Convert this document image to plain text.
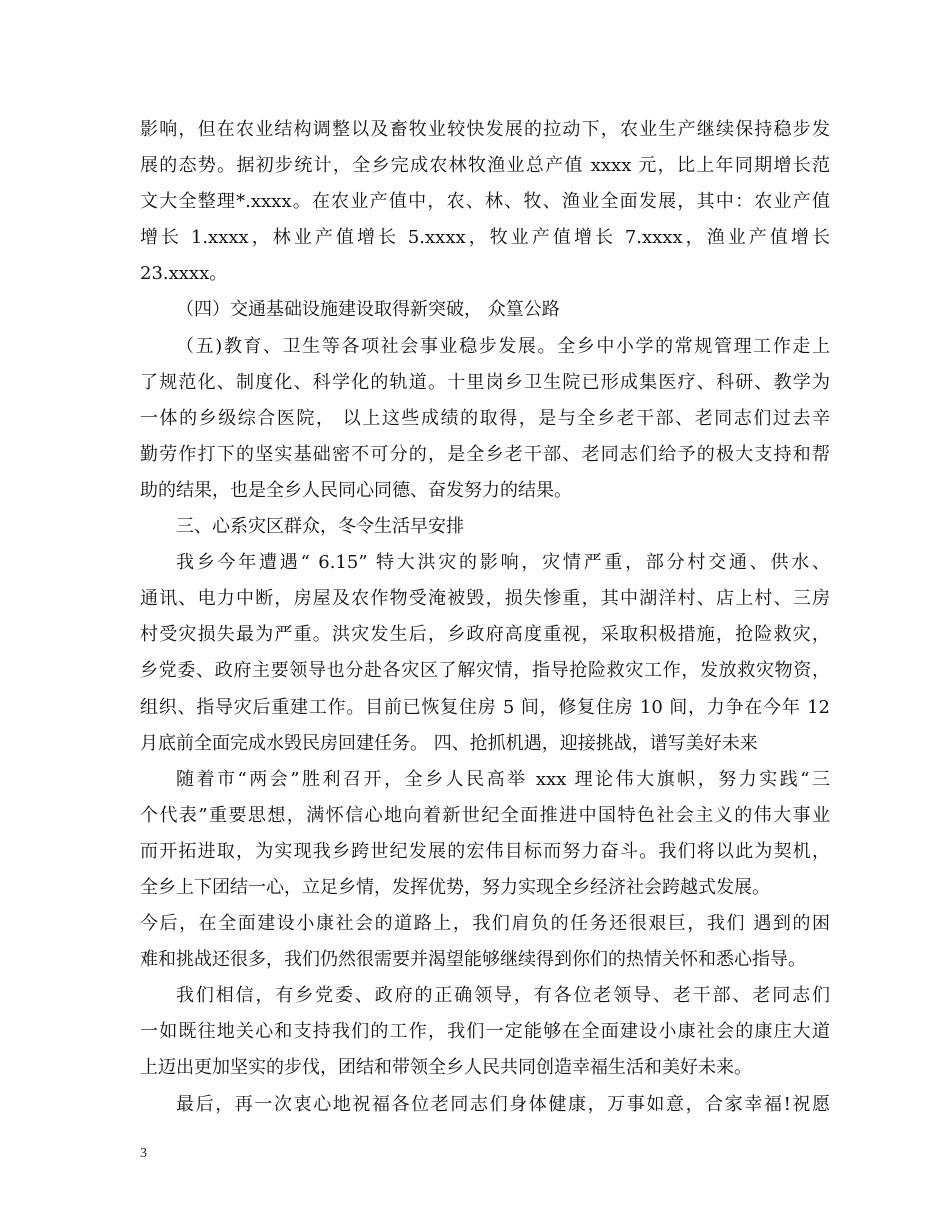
影响，但在农业结构调整以及畜牧业较快发展的拉动下，农业生产继续保持稳步发
展的态势。据初步统计，全乡完成农林牧渔业总产值 xxxx 元，比上年同期增长范
文大全整理*.xxxx。在农业产值中，农、林、牧、渔业全面发展，其中：农业产值
增长 1.xxxx，林业产值增长 5.xxxx，牧业产值增长 7.xxxx，渔业产值增长
23.xxxx。
（四）交通基础设施建设取得新突破， 众篁公路
（五)教育、卫生等各项社会事业稳步发展。全乡中小学的常规管理工作走上
了规范化、制度化、科学化的轨道。十里岗乡卫生院已形成集医疗、科研、教学为
一体的乡级综合医院， 以上这些成绩的取得，是与全乡老干部、老同志们过去辛
勤劳作打下的坚实基础密不可分的，是全乡老干部、老同志们给予的极大支持和帮
助的结果，也是全乡人民同心同德、奋发努力的结果。
三、心系灾区群众，冬令生活早安排
我乡今年遭遇“ 6.15” 特大洪灾的影响，灾情严重，部分村交通、供水、
通讯、电力中断，房屋及农作物受淹被毁，损失惨重，其中湖洋村、店上村、三房
村受灾损失最为严重。洪灾发生后，乡政府高度重视，采取积极措施，抢险救灾，
乡党委、政府主要领导也分赴各灾区了解灾情，指导抢险救灾工作，发放救灾物资，
组织、指导灾后重建工作。目前已恢复住房 5 间，修复住房 10 间，力争在今年 12
月底前全面完成水毁民房回建任务。 四、抢抓机遇，迎接挑战，谱写美好未来
随着市“两会”胜利召开，全乡人民高举 xxx 理论伟大旗帜，努力实践“三
个代表”重要思想，满怀信心地向着新世纪全面推进中国特色社会主义的伟大事业
而开拓进取，为实现我乡跨世纪发展的宏伟目标而努力奋斗。我们将以此为契机，
全乡上下团结一心，立足乡情，发挥优势，努力实现全乡经济社会跨越式发展。
今后，在全面建设小康社会的道路上，我们肩负的任务还很艰巨，我们 遇到的困
难和挑战还很多，我们仍然很需要并渴望能够继续得到你们的热情关怀和悉心指导。
我们相信，有乡党委、政府的正确领导，有各位老领导、老干部、老同志们
一如既往地关心和支持我们的工作，我们一定能够在全面建设小康社会的康庄大道
上迈出更加坚实的步伐，团结和带领全乡人民共同创造幸福生活和美好未来。
最后，再一次衷心地祝福各位老同志们身体健康，万事如意，合家幸福!祝愿
3
